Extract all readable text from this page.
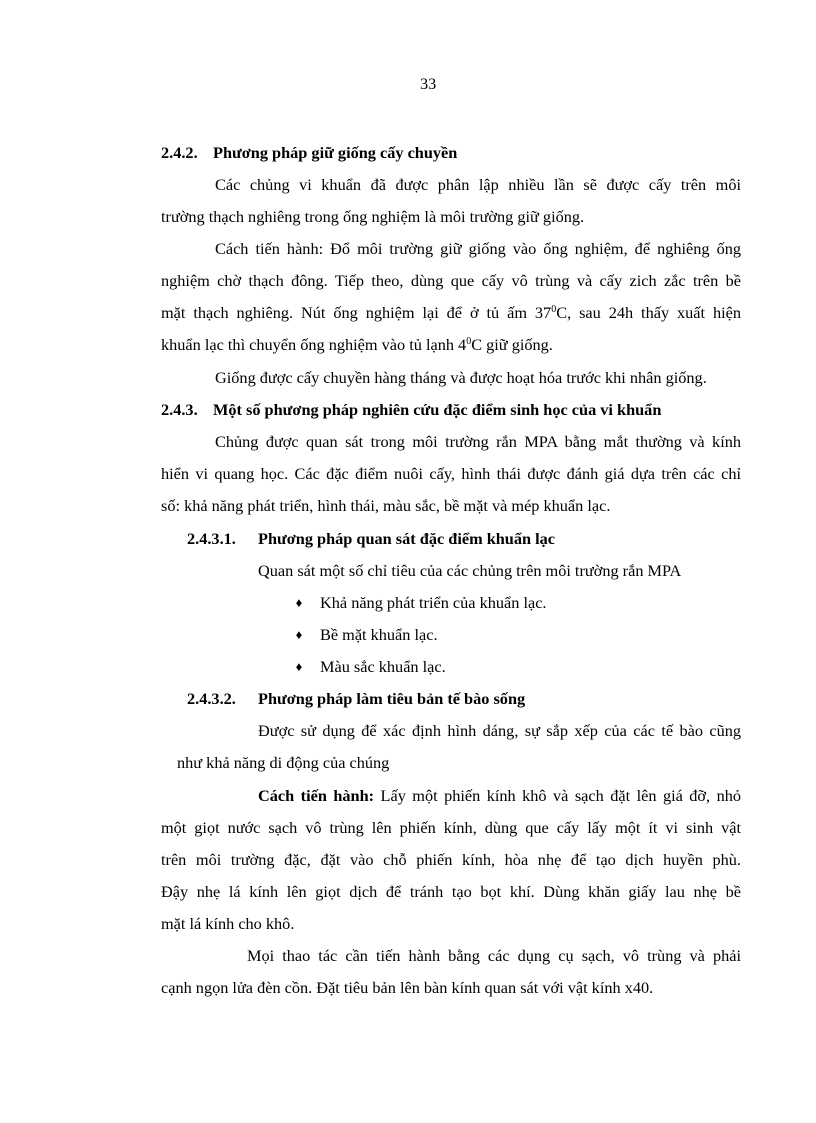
33
2.4.2. Phương pháp giữ giống cấy chuyền
Các chủng vi khuẩn đã được phân lập nhiều lần sẽ được cấy trên môi
trường thạch nghiêng trong ống nghiệm là môi trường giữ giống.
Cách tiến hành: Đổ môi trường giữ giống vào ống nghiệm, để nghiêng ống
nghiệm chờ thạch đông. Tiếp theo, dùng que cấy vô trùng và cấy zich zắc trên bề
mặt thạch nghiêng. Nút ống nghiệm lại để ở tủ ấm $37^0C$, sau 24h thấy xuất hiện
khuẩn lạc thì chuyển ống nghiệm vào tủ lạnh $4^0C$ giữ giống.
Giống được cấy chuyền hàng tháng và được hoạt hóa trước khi nhân giống.
2.4.3. Một số phương pháp nghiên cứu đặc điểm sinh học của vi khuẩn
Chủng được quan sát trong môi trường rắn MPA bằng mắt thường và kính
hiển vi quang học. Các đặc điểm nuôi cấy, hình thái được đánh giá dựa trên các chỉ
số: khả năng phát triển, hình thái, màu sắc, bề mặt và mép khuẩn lạc.
2.4.3.1. Phương pháp quan sát đặc điểm khuẩn lạc
Quan sát một số chỉ tiêu của các chủng trên môi trường rắn MPA
♦	Khả năng phát triển của khuẩn lạc.
♦	Bề mặt khuẩn lạc.
♦	Màu sắc khuẩn lạc.
2.4.3.2. Phương pháp làm tiêu bản tế bào sống
Được sử dụng để xác định hình dáng, sự sắp xếp của các tế bào cũng
như khả năng di động của chúng
Cách tiến hành: Lấy một phiến kính khô và sạch đặt lên giá đỡ, nhỏ
một giọt nước sạch vô trùng lên phiến kính, dùng que cấy lấy một ít vi sinh vật
trên môi trường đặc, đặt vào chỗ phiến kính, hòa nhẹ để tạo dịch huyền phù.
Đậy nhẹ lá kính lên giọt dịch để tránh tạo bọt khí. Dùng khăn giấy lau nhẹ bề
mặt lá kính cho khô.
Mọi thao tác cần tiến hành bằng các dụng cụ sạch, vô trùng và phải
cạnh ngọn lửa đèn cồn. Đặt tiêu bản lên bàn kính quan sát với vật kính x40.
